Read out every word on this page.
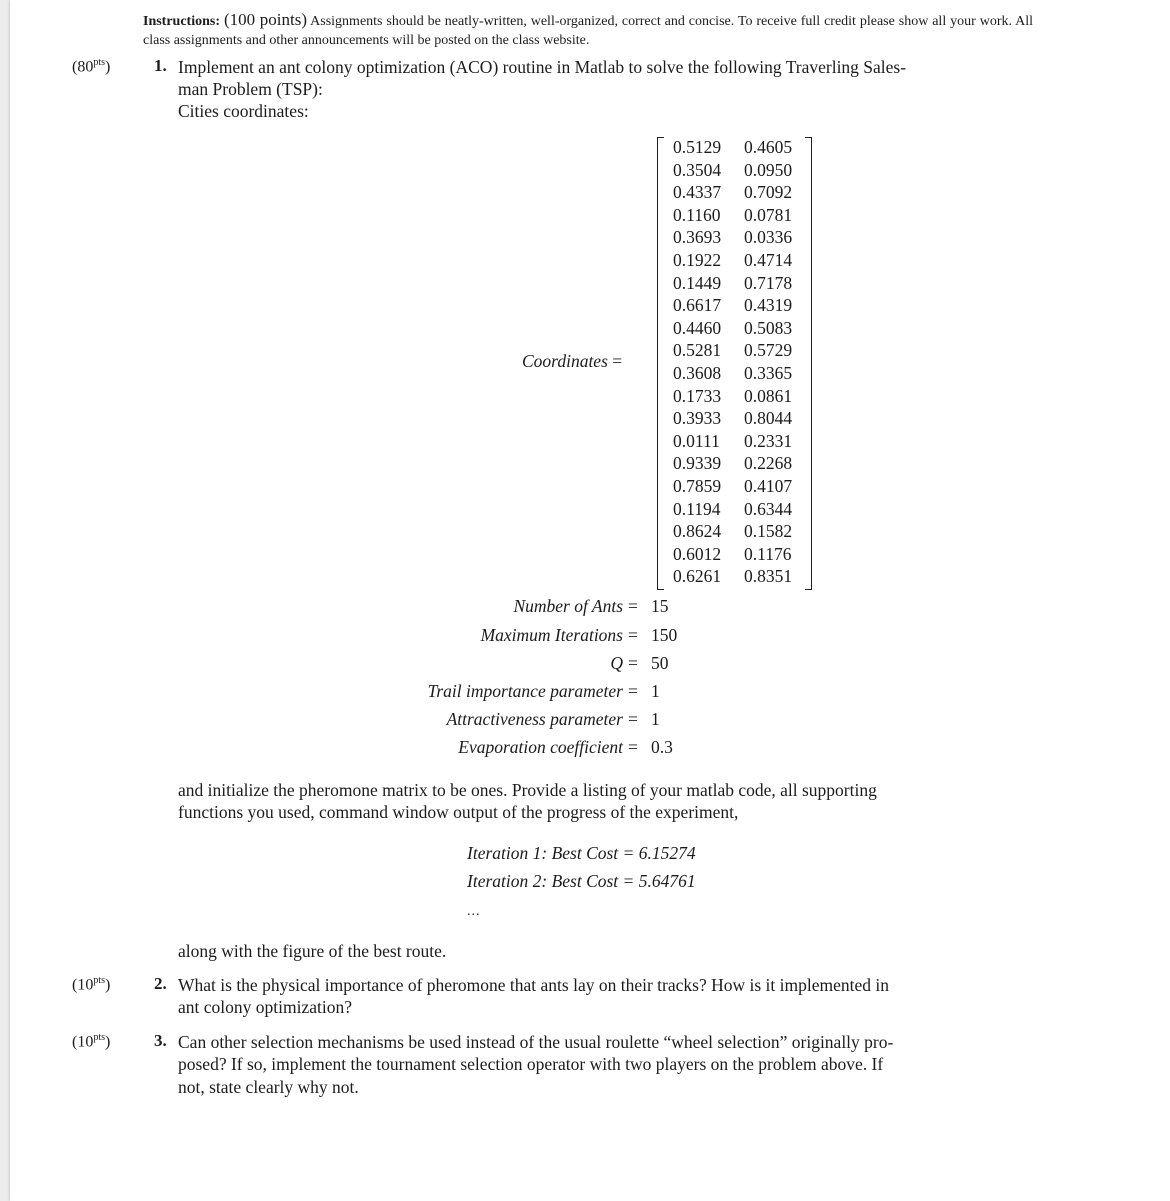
Instructions: (100 points) Assignments should be neatly-written, well-organized, correct and concise. To receive full credit please show all your work. All class assignments and other announcements will be posted on the class website.
$(80^{pts})$	1. Implement an ant colony optimization (ACO) routine in Matlab to solve the following Traverling Sales-
man Problem (TSP):
Cities coordinates:
Coordinates =
0.5129 0.4605
0.3504 0.0950
0.4337 0.7092
0.1160 0.0781
0.3693 0.0336
0.1922 0.4714
0.1449 0.7178
0.6617 0.4319
0.4460 0.5083
0.5281 0.5729
0.3608 0.3365
0.1733 0.0861
0.3933 0.8044
0.0111 0.2331
0.9339 0.2268
0.7859 0.4107
0.1194 0.6344
0.8624 0.1582
0.6012 0.1176
0.6261 0.8351
Number of Ants = 15
Maximum Iterations = 150
Q = 50
Trail importance parameter = 1
Attractiveness parameter = 1
Evaporation coefficient = 0.3
and initialize the pheromone matrix to be ones. Provide a listing of your matlab code, all supporting
functions you used, command window output of the progress of the experiment,
Iteration 1: Best Cost = 6.15274
Iteration 2: Best Cost = 5.64761
...
along with the figure of the best route.
$(10^{pts})$	2. What is the physical importance of pheromone that ants lay on their tracks? How is it implemented in
ant colony optimization?
$(10^{pts})$	3. Can other selection mechanisms be used instead of the usual roulette “wheel selection” originally pro-
posed? If so, implement the tournament selection operator with two players on the problem above. If
not, state clearly why not.
